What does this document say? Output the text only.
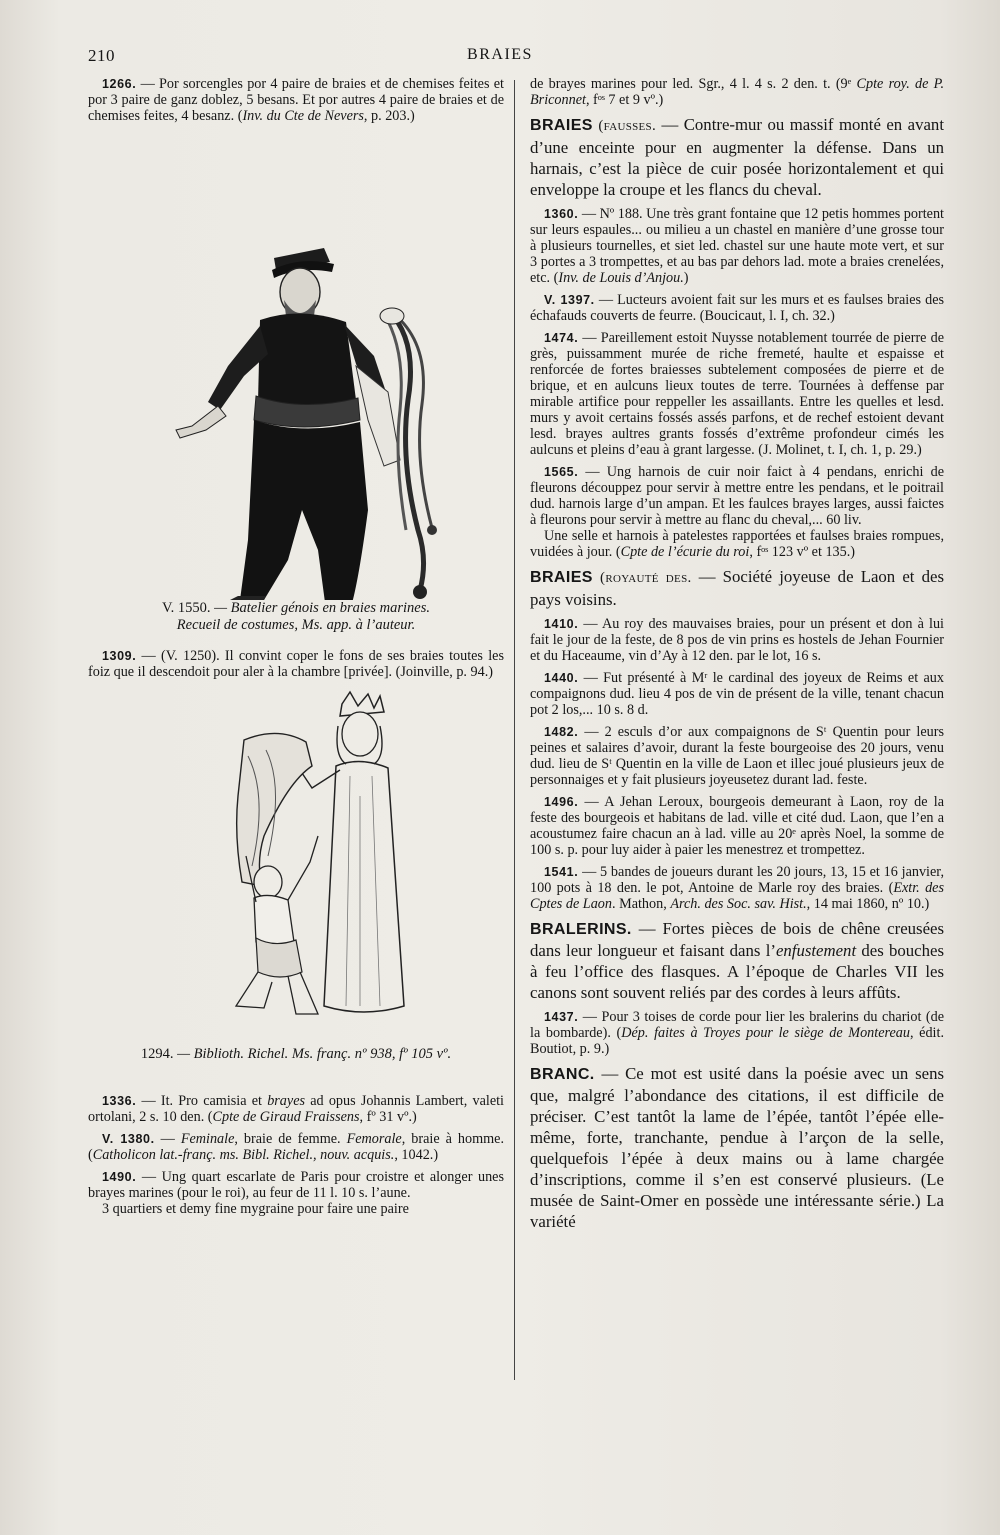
210	BRAIES

1266. — Por sorcengles por 4 paire de braies et de chemises feites et por 3 paire de ganz doblez, 5 besans. Et por autres 4 paire de braies et de chemises feites, 4 besanz. (Inv. du Cte de Nevers, p. 203.)

V. 1550. — Batelier génois en braies marines.

Recueil de costumes, Ms. app. à l’auteur.

1309. — (V. 1250). Il convint coper le fons de ses braies toutes les foiz que il descendoit pour aler à la chambre [privée]. (Joinville, p. 94.)

1294. — Biblioth. Richel. Ms. franç. nº 938, fº 105 vº.

1336. — It. Pro camisia et brayes ad opus Johannis Lambert, valeti ortolani, 2 s. 10 den. (Cpte de Giraud Fraissens, fº 31 vº.)

V. 1380. — Feminale, braie de femme. Femorale, braie à homme. (Catholicon lat.-franç. ms. Bibl. Richel., nouv. acquis., 1042.)

1490. — Ung quart escarlate de Paris pour croistre et alonger unes brayes marines (pour le roi), au feur de 11 l. 10 s. l’aune.

3 quartiers et demy fine mygraine pour faire une paire

de brayes marines pour led. Sgr., 4 l. 4 s. 2 den. t. (9ᵉ Cpte roy. de P. Briconnet, fᵒˢ 7 et 9 vº.)

BRAIES (fausses. — Contre-mur ou massif monté en avant d’une enceinte pour en augmenter la défense. Dans un harnais, c’est la pièce de cuir posée horizontalement et qui enveloppe la croupe et les flancs du cheval.

1360. — Nº 188. Une très grant fontaine que 12 petis hommes portent sur leurs espaules... ou milieu a un chastel en manière d’une grosse tour à plusieurs tournelles, et siet led. chastel sur une haute mote vert, et sur 3 portes a 3 trompettes, et au bas par dehors lad. mote a braies crenelées, etc. (Inv. de Louis d’Anjou.)

V. 1397. — Lucteurs avoient fait sur les murs et es faulses braies des échafauds couverts de feurre. (Boucicaut, l. I, ch. 32.)

1474. — Pareillement estoit Nuysse notablement tourrée de pierre de grès, puissamment murée de riche fremeté, haulte et espaisse et renforcée de fortes braiesses subtelement composées de pierre et de brique, et en aulcuns lieux toutes de terre. Tournées à deffense par mirable artifice pour reppeller les assaillants. Entre les quelles et lesd. murs y avoit certains fossés assés parfons, et de rechef estoient devant lesd. brayes aultres grants fossés d’extrême profondeur cimés les aulcuns et pleins d’eau à grant largesse. (J. Molinet, t. I, ch. 1, p. 29.)

1565. — Ung harnois de cuir noir faict à 4 pendans, enrichi de fleurons découppez pour servir à mettre entre les pendans, et le poitrail dud. harnois large d’un ampan. Et les faulces brayes larges, aussi faictes à fleurons pour servir à mettre au flanc du cheval,... 60 liv.

Une selle et harnois à patelestes rapportées et faulses braies rompues, vuidées à jour. (Cpte de l’écurie du roi, fᵒˢ 123 vº et 135.)

BRAIES (royauté des. — Société joyeuse de Laon et des pays voisins.

1410. — Au roy des mauvaises braies, pour un présent et don à lui fait le jour de la feste, de 8 pos de vin prins es hostels de Jehan Fournier et du Haceaume, vin d’Ay à 12 den. par le lot, 16 s.

1440. — Fut présenté à Mʳ le cardinal des joyeux de Reims et aux compaignons dud. lieu 4 pos de vin de présent de la ville, tenant chacun pot 2 los,... 10 s. 8 d.

1482. — 2 esculs d’or aux compaignons de Sᵗ Quentin pour leurs peines et salaires d’avoir, durant la feste bourgeoise des 20 jours, venu dud. lieu de Sᵗ Quentin en la ville de Laon et illec joué plusieurs jeux de personnaiges et y fait plusieurs joyeusetez durant lad. feste.

1496. — A Jehan Leroux, bourgeois demeurant à Laon, roy de la feste des bourgeois et habitans de lad. ville et cité dud. Laon, que l’en a acoustumez faire chacun an à lad. ville au 20ᵉ après Noel, la somme de 100 s. p. pour luy aider à paier les menestrez et trompettez.

1541. — 5 bandes de joueurs durant les 20 jours, 13, 15 et 16 janvier, 100 pots à 18 den. le pot, Antoine de Marle roy des braies. (Extr. des Cptes de Laon. Mathon, Arch. des Soc. sav. Hist., 14 mai 1860, nº 10.)

BRALERINS. — Fortes pièces de bois de chêne creusées dans leur longueur et faisant dans l’enfustement des bouches à feu l’office des flasques. A l’époque de Charles VII les canons sont souvent reliés par des cordes à leurs affûts.

1437. — Pour 3 toises de corde pour lier les bralerins du chariot (de la bombarde). (Dép. faites à Troyes pour le siège de Montereau, édit. Boutiot, p. 9.)

BRANC. — Ce mot est usité dans la poésie avec un sens que, malgré l’abondance des citations, il est difficile de préciser. C’est tantôt la lame de l’épée, tantôt l’épée elle-même, forte, tranchante, pendue à l’arçon de la selle, quelquefois l’épée à deux mains ou à lame chargée d’inscriptions, comme il s’en est conservé plusieurs. (Le musée de Saint-Omer en possède une intéressante série.) La variété
